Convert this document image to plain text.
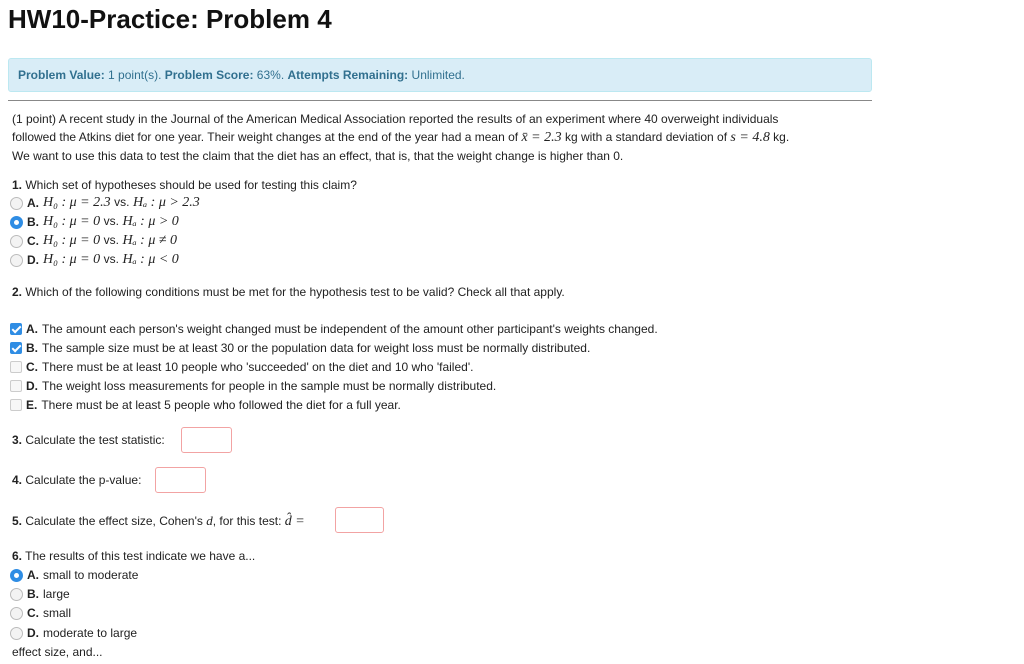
HW10-Practice: Problem 4
Problem Value: 1 point(s). Problem Score: 63%. Attempts Remaining: Unlimited.

(1 point) A recent study in the Journal of the American Medical Association reported the results of an experiment where 40 overweight individuals

followed the Atkins diet for one year. Their weight changes at the end of the year had a mean of x̄ = 2.3 kg with a standard deviation of s = 4.8 kg.

We want to use this data to test the claim that the diet has an effect, that is, that the weight change is higher than 0.

1. Which set of hypotheses should be used for testing this claim?
A. H₀ : μ = 2.3 vs. Hₐ : μ > 2.3
B. H₀ : μ = 0 vs. Hₐ : μ > 0
C. H₀ : μ = 0 vs. Hₐ : μ ≠ 0
D. H₀ : μ = 0 vs. Hₐ : μ < 0
2. Which of the following conditions must be met for the hypothesis test to be valid? Check all that apply.
A. The amount each person's weight changed must be independent of the amount other participant's weights changed.
B. The sample size must be at least 30 or the population data for weight loss must be normally distributed.
C. There must be at least 10 people who 'succeeded' on the diet and 10 who 'failed'.
D. The weight loss measurements for people in the sample must be normally distributed.
E. There must be at least 5 people who followed the diet for a full year.
3. Calculate the test statistic:
4. Calculate the p-value:
5. Calculate the effect size, Cohen's d, for this test: d̂ =
6. The results of this test indicate we have a...
A. small to moderate
B. large
C. small
D. moderate to large
effect size, and...
